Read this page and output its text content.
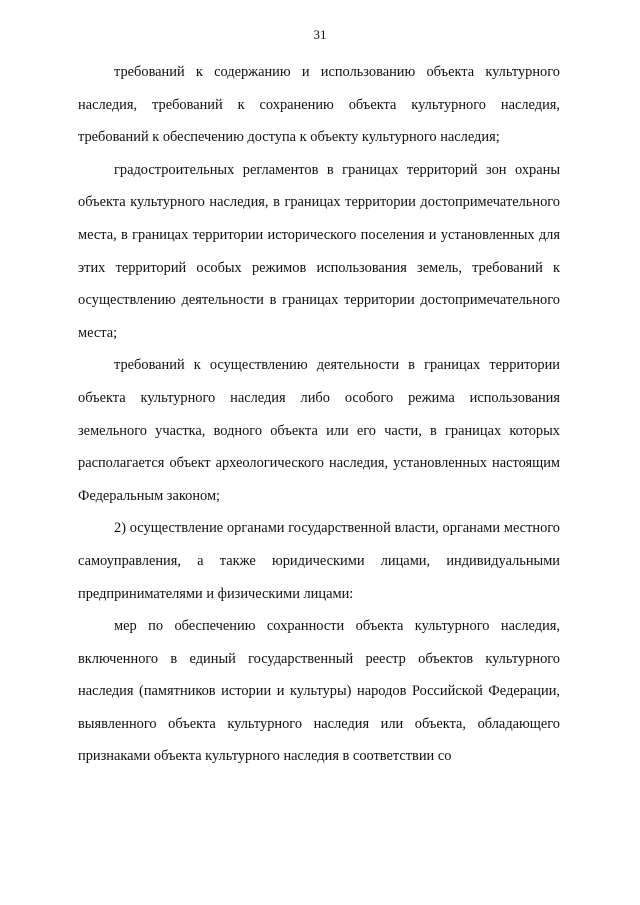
31

требований к содержанию и использованию объекта культурного наследия, требований к сохранению объекта культурного наследия, требований к обеспечению доступа к объекту культурного наследия;

градостроительных регламентов в границах территорий зон охраны объекта культурного наследия, в границах территории достопримечательного места, в границах территории исторического поселения и установленных для этих территорий особых режимов использования земель, требований к осуществлению деятельности в границах территории достопримечательного места;

требований к осуществлению деятельности в границах территории объекта культурного наследия либо особого режима использования земельного участка, водного объекта или его части, в границах которых располагается объект археологического наследия, установленных настоящим Федеральным законом;

2) осуществление органами государственной власти, органами местного самоуправления, а также юридическими лицами, индивидуальными предпринимателями и физическими лицами:

мер по обеспечению сохранности объекта культурного наследия, включенного в единый государственный реестр объектов культурного наследия (памятников истории и культуры) народов Российской Федерации, выявленного объекта культурного наследия или объекта, обладающего признаками объекта культурного наследия в соответствии со
